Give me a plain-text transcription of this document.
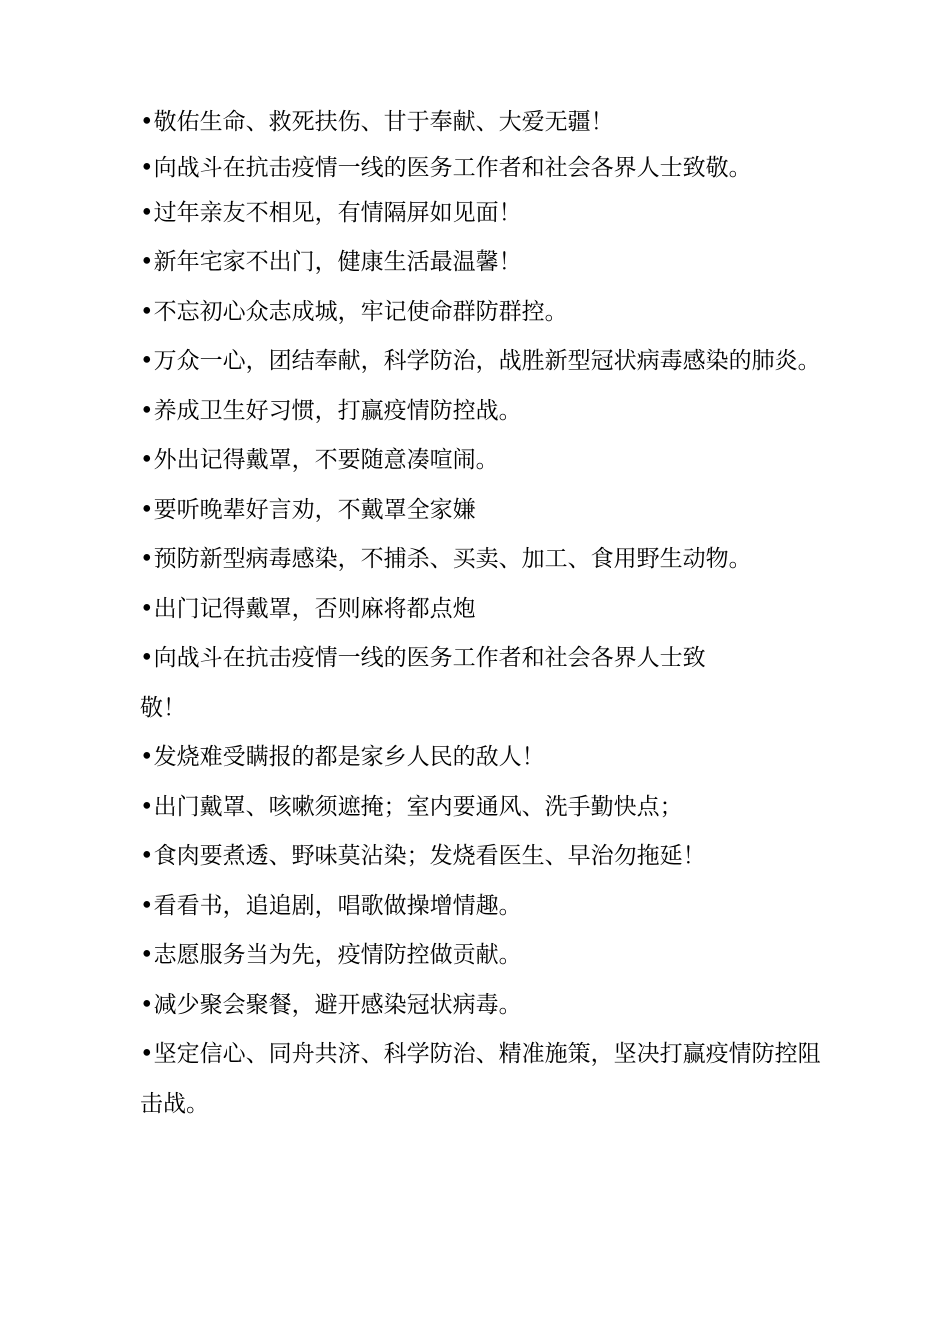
•敬佑生命、救死扶伤、甘于奉献、大爱无疆！
•向战斗在抗击疫情一线的医务工作者和社会各界人士致敬。
•过年亲友不相见，有情隔屏如见面！
•新年宅家不出门，健康生活最温馨！
•不忘初心众志成城，牢记使命群防群控。
•万众一心，团结奉献，科学防治，战胜新型冠状病毒感染的肺炎。
•养成卫生好习惯，打赢疫情防控战。
•外出记得戴罩，不要随意凑喧闹。
•要听晚辈好言劝，不戴罩全家嫌
•预防新型病毒感染，不捕杀、买卖、加工、食用野生动物。
•出门记得戴罩，否则麻将都点炮
•向战斗在抗击疫情一线的医务工作者和社会各界人士致敬！
•发烧难受瞒报的都是家乡人民的敌人！
•出门戴罩、咳嗽须遮掩；室内要通风、洗手勤快点；
•食肉要煮透、野味莫沾染；发烧看医生、早治勿拖延！
•看看书，追追剧，唱歌做操增情趣。
•志愿服务当为先，疫情防控做贡献。
•减少聚会聚餐，避开感染冠状病毒。
•坚定信心、同舟共济、科学防治、精准施策，坚决打赢疫情防控阻击战。
